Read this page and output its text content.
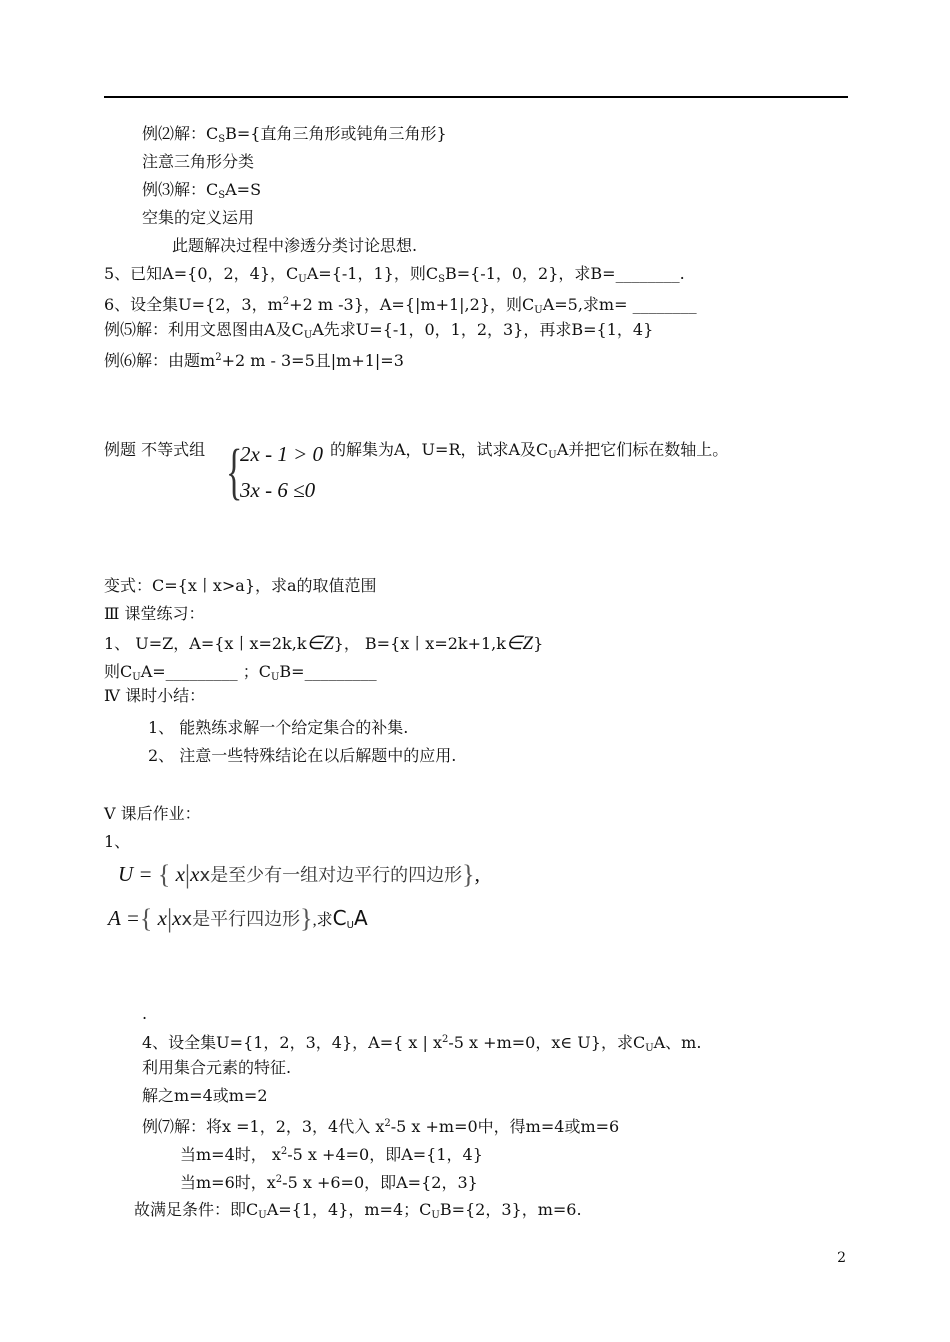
例⑵解：$C_SB=${直角三角形或钝角三角形}
注意三角形分类
例⑶解：$C_SA=S$
空集的定义运用
此题解决过程中渗透分类讨论思想.
5、已知A={0，2，4}，$C_UA=\{-1$，1}，则$C_SB=\{-1$，0，2}，求B=________.
6、设全集U={2，3，$m^2+2$ m -3}，A={|m+1|,2}，则$C_UA=5$,求m= ________
例⑸解：利用文恩图由A及$C_UA$先求U={-1，0，1，2，3}，再求B={1，4}
例⑹解：由题$m^2+2$ m - 3=5且|m+1|=3
例题 不等式组 {
2x - 1 > 0
3x - 6 ≤0
的解集为A，U=R，试求A及$C_UA$并把它们标在数轴上。
变式：C={x丨x>a}，求a的取值范围
Ⅲ 课堂练习：
1、 U=Z，A={x丨x=2k,k∈Z}， B={x丨x=2k+1,k∈Z}
则$C_UA=\_\_\_\_\_\_\_\_\_$ ；$C_UB=\_\_\_\_\_\_\_\_\_$
Ⅳ 课时小结：
1、 能熟练求解一个给定集合的补集.
2、 注意一些特殊结论在以后解题中的应用.
Ⅴ 课后作业：
1、
U = { x|xx是至少有一组对边平行的四边形},
A ={ x|xx是平行四边形},求$C_UA$
.
4、设全集U={1，2，3，4}，A={ x | $x^2-5$ x +m=0，x∈ U}，求$C_UA$、m.
利用集合元素的特征.
解之m=4或m=2
例⑺解：将x =1，2，3，4代入 $x^2-5$ x +m=0中，得m=4或m=6
当m=4时， $x^2-5$ x +4=0，即A={1，4}
当m=6时，$x^2-5$ x +6=0，即A={2，3}
故满足条件：即$C_UA=\{1$，4}，m=4；$C_UB=\{2$，3}，m=6.
2
